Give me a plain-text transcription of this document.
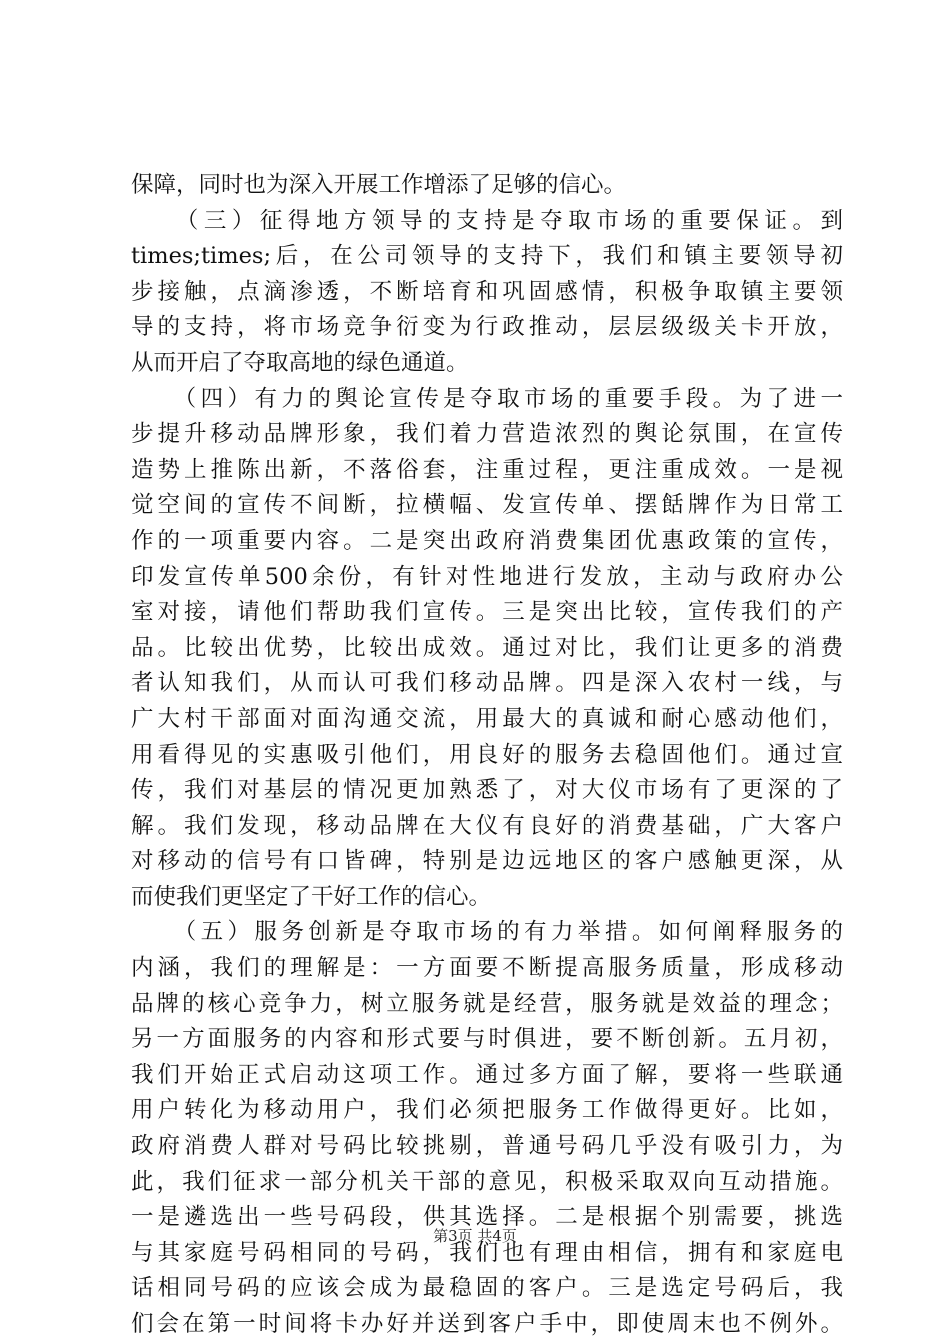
保障，同时也为深入开展工作增添了足够的信心。
　　（三）征得地方领导的支持是夺取市场的重要保证。到
times;times;后，在公司领导的支持下，我们和镇主要领导初
步接触，点滴渗透，不断培育和巩固感情，积极争取镇主要领
导的支持，将市场竞争衍变为行政推动，层层级级关卡开放，
从而开启了夺取高地的绿色通道。
　　（四）有力的舆论宣传是夺取市场的重要手段。为了进一
步提升移动品牌形象，我们着力营造浓烈的舆论氛围，在宣传
造势上推陈出新，不落俗套，注重过程，更注重成效。一是视
觉空间的宣传不间断，拉横幅、发宣传单、摆餂牌作为日常工
作的一项重要内容。二是突出政府消费集团优惠政策的宣传，
印发宣传单500余份，有针对性地进行发放，主动与政府办公
室对接，请他们帮助我们宣传。三是突出比较，宣传我们的产
品。比较出优势，比较出成效。通过对比，我们让更多的消费
者认知我们，从而认可我们移动品牌。四是深入农村一线，与
广大村干部面对面沟通交流，用最大的真诚和耐心感动他们，
用看得见的实惠吸引他们，用良好的服务去稳固他们。通过宣
传，我们对基层的情况更加熟悉了，对大仪市场有了更深的了
解。我们发现，移动品牌在大仪有良好的消费基础，广大客户
对移动的信号有口皆碑，特别是边远地区的客户感触更深，从
而使我们更坚定了干好工作的信心。
　　（五）服务创新是夺取市场的有力举措。如何阐释服务的
内涵，我们的理解是：一方面要不断提高服务质量，形成移动
品牌的核心竞争力，树立服务就是经营，服务就是效益的理念；
另一方面服务的内容和形式要与时俱进，要不断创新。五月初，
我们开始正式启动这项工作。通过多方面了解，要将一些联通
用户转化为移动用户，我们必须把服务工作做得更好。比如，
政府消费人群对号码比较挑剔，普通号码几乎没有吸引力，为
此，我们征求一部分机关干部的意见，积极采取双向互动措施。
一是遴选出一些号码段，供其选择。二是根据个别需要，挑选
与其家庭号码相同的号码，我们也有理由相信，拥有和家庭电
话相同号码的应该会成为最稳固的客户。三是选定号码后，我
们会在第一时间将卡办好并送到客户手中，即使周末也不例外。
第3页 共4页
